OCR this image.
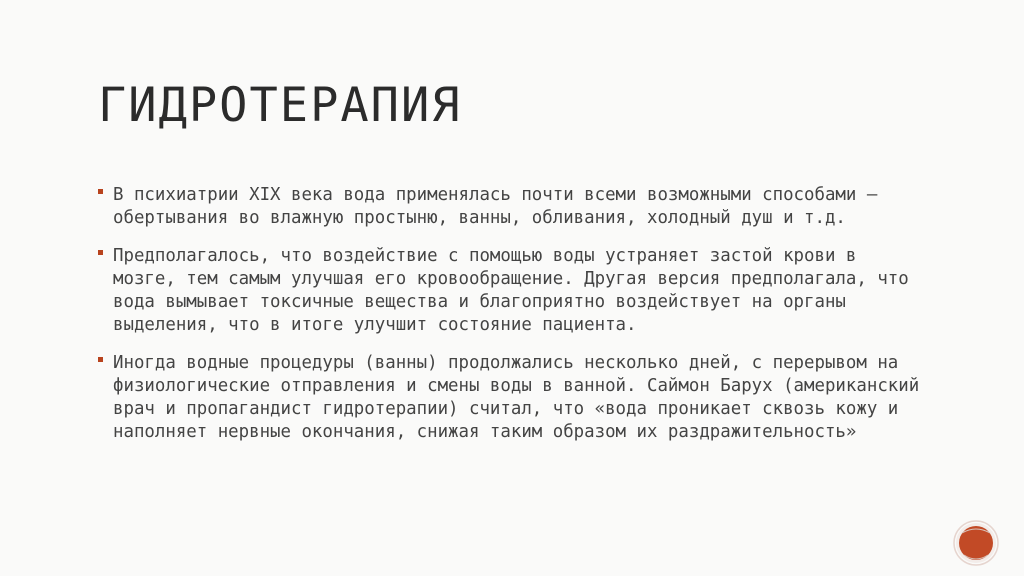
ГИДРОТЕРАПИЯ
В психиатрии XIX века вода применялась почти всеми возможными способами – обертывания во влажную простыню, ванны, обливания, холодный душ и т.д.
Предполагалось, что воздействие с помощью воды устраняет застой крови в мозге, тем самым улучшая его кровообращение. Другая версия предполагала, что вода вымывает токсичные вещества и благоприятно воздействует на органы выделения, что в итоге улучшит состояние пациента.
Иногда водные процедуры (ванны) продолжались несколько дней, с перерывом на физиологические отправления и смены воды в ванной. Саймон Барух (американский врач и пропагандист гидротерапии) считал, что «вода проникает сквозь кожу и наполняет нервные окончания, снижая таким образом их раздражительность»
